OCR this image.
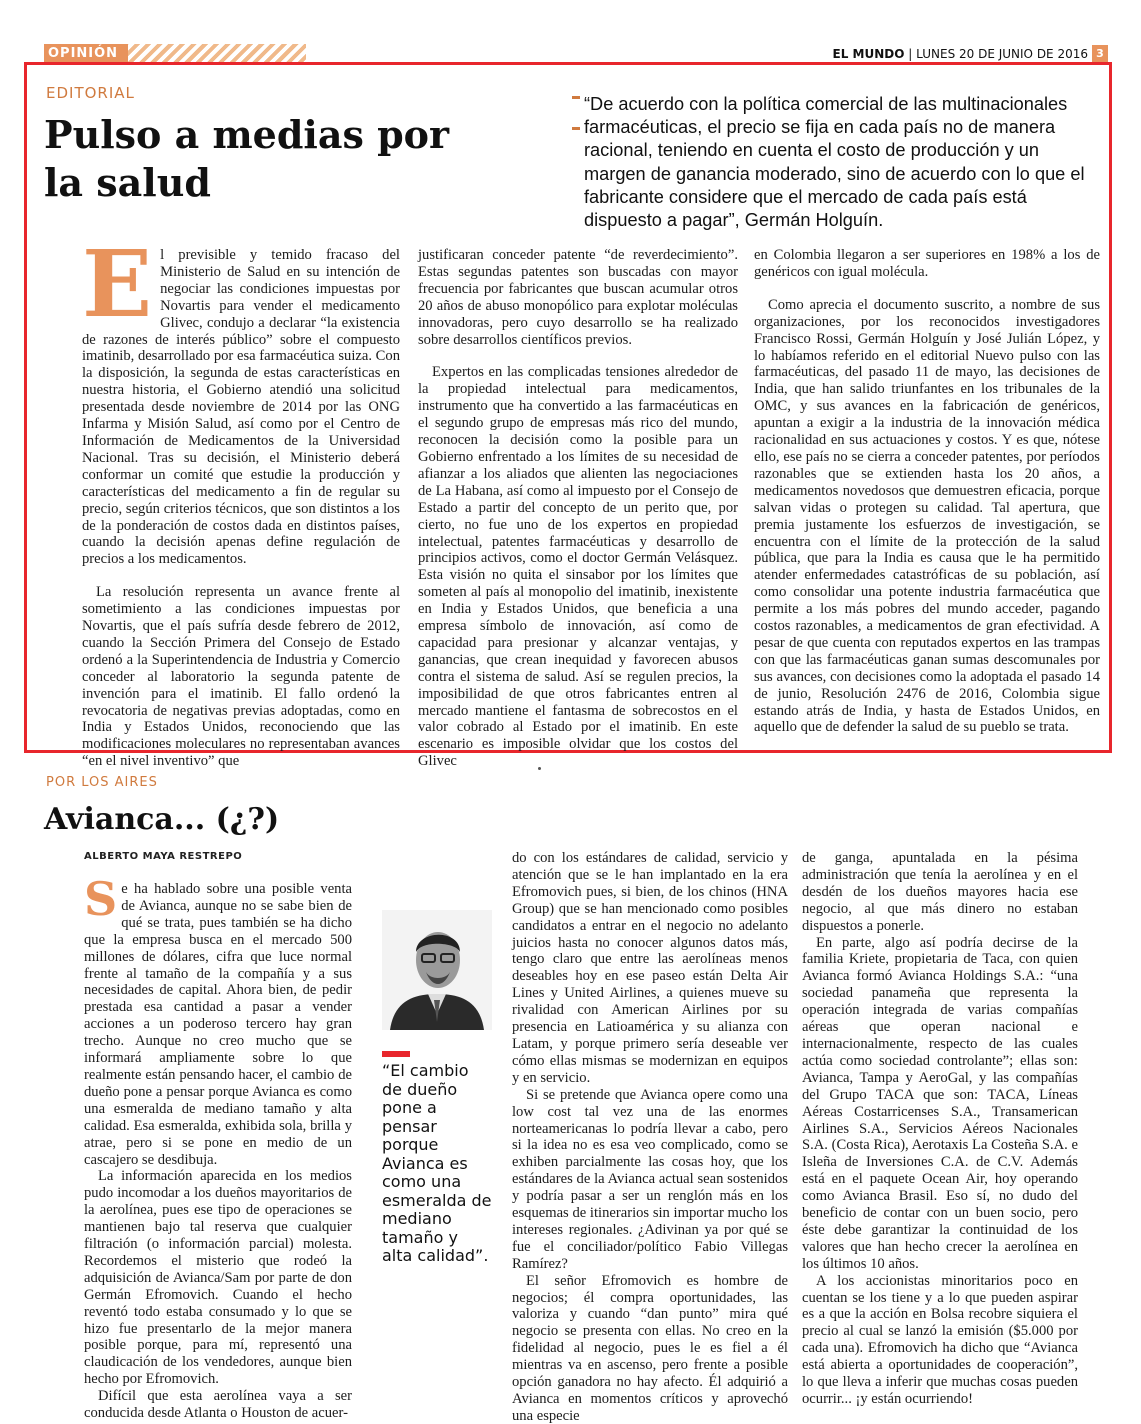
OPINIÓN	EL MUNDO | LUNES 20 DE JUNIO DE 2016 3
EDITORIAL
Pulso a medias por la salud

“De acuerdo con la política comercial de las multinacionales farmacéuticas, el precio se fija en cada país no de manera racional, teniendo en cuenta el costo de producción y un margen de ganancia moderado, sino de acuerdo con lo que el fabricante considere que el mercado de cada país está dispuesto a pagar”, Germán Holguín.

El previsible y temido fracaso del Ministerio de Salud en su intención de negociar las condiciones impuestas por Novartis para vender el medicamento Glivec, condujo a declarar “la existencia de razones de interés público” sobre el compuesto imatinib, desarrollado por esa farmacéutica suiza. Con la disposición, la segunda de estas características en nuestra historia, el Gobierno atendió una solicitud presentada desde noviembre de 2014 por las ONG Infarma y Misión Salud, así como por el Centro de Información de Medicamentos de la Universidad Nacional. Tras su decisión, el Ministerio deberá conformar un comité que estudie la producción y características del medicamento a fin de regular su precio, según criterios técnicos, que son distintos a los de la ponderación de costos dada en distintos países, cuando la decisión apenas define regulación de precios a los medicamentos.

La resolución representa un avance frente al sometimiento a las condiciones impuestas por Novartis, que el país sufría desde febrero de 2012, cuando la Sección Primera del Consejo de Estado ordenó a la Superintendencia de Industria y Comercio conceder al laboratorio la segunda patente de invención para el imatinib. El fallo ordenó la revocatoria de negativas previas adoptadas, como en India y Estados Unidos, reconociendo que las modificaciones moleculares no representaban avances “en el nivel inventivo” que

justificaran conceder patente “de reverdecimiento”. Estas segundas patentes son buscadas con mayor frecuencia por fabricantes que buscan acumular otros 20 años de abuso monopólico para explotar moléculas innovadoras, pero cuyo desarrollo se ha realizado sobre desarrollos científicos previos.

Expertos en las complicadas tensiones alrededor de la propiedad intelectual para medicamentos, instrumento que ha convertido a las farmacéuticas en el segundo grupo de empresas más rico del mundo, reconocen la decisión como la posible para un Gobierno enfrentado a los límites de su necesidad de afianzar a los aliados que alienten las negociaciones de La Habana, así como al impuesto por el Consejo de Estado a partir del concepto de un perito que, por cierto, no fue uno de los expertos en propiedad intelectual, patentes farmacéuticas y desarrollo de principios activos, como el doctor Germán Velásquez. Esta visión no quita el sinsabor por los límites que someten al país al monopolio del imatinib, inexistente en India y Estados Unidos, que beneficia a una empresa símbolo de innovación, así como de capacidad para presionar y alcanzar ventajas, y ganancias, que crean inequidad y favorecen abusos contra el sistema de salud. Así se regulen precios, la imposibilidad de que otros fabricantes entren al mercado mantiene el fantasma de sobrecostos en el valor cobrado al Estado por el imatinib. En este escenario es imposible olvidar que los costos del Glivec

en Colombia llegaron a ser superiores en 198% a los de genéricos con igual molécula.

Como aprecia el documento suscrito, a nombre de sus organizaciones, por los reconocidos investigadores Francisco Rossi, Germán Holguín y José Julián López, y lo habíamos referido en el editorial Nuevo pulso con las farmacéuticas, del pasado 11 de mayo, las decisiones de India, que han salido triunfantes en los tribunales de la OMC, y sus avances en la fabricación de genéricos, apuntan a exigir a la industria de la innovación médica racionalidad en sus actuaciones y costos. Y es que, nótese ello, ese país no se cierra a conceder patentes, por períodos razonables que se extienden hasta los 20 años, a medicamentos novedosos que demuestren eficacia, porque salvan vidas o protegen su calidad. Tal apertura, que premia justamente los esfuerzos de investigación, se encuentra con el límite de la protección de la salud pública, que para la India es causa que le ha permitido atender enfermedades catastróficas de su población, así como consolidar una potente industria farmacéutica que permite a los más pobres del mundo acceder, pagando costos razonables, a medicamentos de gran efectividad. A pesar de que cuenta con reputados expertos en las trampas con que las farmacéuticas ganan sumas descomunales por sus avances, con decisiones como la adoptada el pasado 14 de junio, Resolución 2476 de 2016, Colombia sigue estando atrás de India, y hasta de Estados Unidos, en aquello que de defender la salud de su pueblo se trata.

POR LOS AIRES
Avianca... (¿?)
ALBERTO MAYA RESTREPO

Se ha hablado sobre una posible venta de Avianca, aunque no se sabe bien de qué se trata, pues también se ha dicho que la empresa busca en el mercado 500 millones de dólares, cifra que luce normal frente al tamaño de la compañía y a sus necesidades de capital. Ahora bien, de pedir prestada esa cantidad a pasar a vender acciones a un poderoso tercero hay gran trecho. Aunque no creo mucho que se informará ampliamente sobre lo que realmente están pensando hacer, el cambio de dueño pone a pensar porque Avianca es como una esmeralda de mediano tamaño y alta calidad. Esa esmeralda, exhibida sola, brilla y atrae, pero si se pone en medio de un cascajero se desdibuja.

La información aparecida en los medios pudo incomodar a los dueños mayoritarios de la aerolínea, pues ese tipo de operaciones se mantienen bajo tal reserva que cualquier filtración (o información parcial) molesta. Recordemos el misterio que rodeó la adquisición de Avianca/Sam por parte de don Germán Efromovich. Cuando el hecho reventó todo estaba consumado y lo que se hizo fue presentarlo de la mejor manera posible porque, para mí, representó una claudicación de los vendedores, aunque bien hecho por Efromovich.

Difícil que esta aerolínea vaya a ser conducida desde Atlanta o Houston de acuer-

“El cambio de dueño pone a pensar porque Avianca es como una esmeralda de mediano tamaño y alta calidad”.

do con los estándares de calidad, servicio y atención que se le han implantado en la era Efromovich pues, si bien, de los chinos (HNA Group) que se han mencionado como posibles candidatos a entrar en el negocio no adelanto juicios hasta no conocer algunos datos más, tengo claro que entre las aerolíneas menos deseables hoy en ese paseo están Delta Air Lines y United Airlines, a quienes mueve su rivalidad con American Airlines por su presencia en Latioamérica y su alianza con Latam, y porque primero sería deseable ver cómo ellas mismas se modernizan en equipos y en servicio.

Si se pretende que Avianca opere como una low cost tal vez una de las enormes norteamericanas lo podría llevar a cabo, pero si la idea no es esa veo complicado, como se exhiben parcialmente las cosas hoy, que los estándares de la Avianca actual sean sostenidos y podría pasar a ser un renglón más en los esquemas de itinerarios sin importar mucho los intereses regionales. ¿Adivinan ya por qué se fue el conciliador/político Fabio Villegas Ramírez?

El señor Efromovich es hombre de negocios; él compra oportunidades, las valoriza y cuando “dan punto” mira qué negocio se presenta con ellas. No creo en la fidelidad al negocio, pues le es fiel a él mientras va en ascenso, pero frente a posible opción ganadora no hay afecto. Él adquirió a Avianca en momentos críticos y aprovechó una especie

de ganga, apuntalada en la pésima administración que tenía la aerolínea y en el desdén de los dueños mayores hacia ese negocio, al que más dinero no estaban dispuestos a ponerle.

En parte, algo así podría decirse de la familia Kriete, propietaria de Taca, con quien Avianca formó Avianca Holdings S.A.: “una sociedad panameña que representa la operación integrada de varias compañías aéreas que operan nacional e internacionalmente, respecto de las cuales actúa como sociedad controlante”; ellas son: Avianca, Tampa y AeroGal, y las compañías del Grupo TACA que son: TACA, Líneas Aéreas Costarricenses S.A., Transamerican Airlines S.A., Servicios Aéreos Nacionales S.A. (Costa Rica), Aerotaxis La Costeña S.A. e Isleña de Inversiones C.A. de C.V. Además está en el paquete Ocean Air, hoy operando como Avianca Brasil. Eso sí, no dudo del beneficio de contar con un buen socio, pero éste debe garantizar la continuidad de los valores que han hecho crecer la aerolínea en los últimos 10 años.

A los accionistas minoritarios poco en cuentan se los tiene y a lo que pueden aspirar es a que la acción en Bolsa recobre siquiera el precio al cual se lanzó la emisión ($5.000 por cada una). Efromovich ha dicho que “Avianca está abierta a oportunidades de cooperación”, lo que lleva a inferir que muchas cosas pueden ocurrir... ¡y están ocurriendo!
